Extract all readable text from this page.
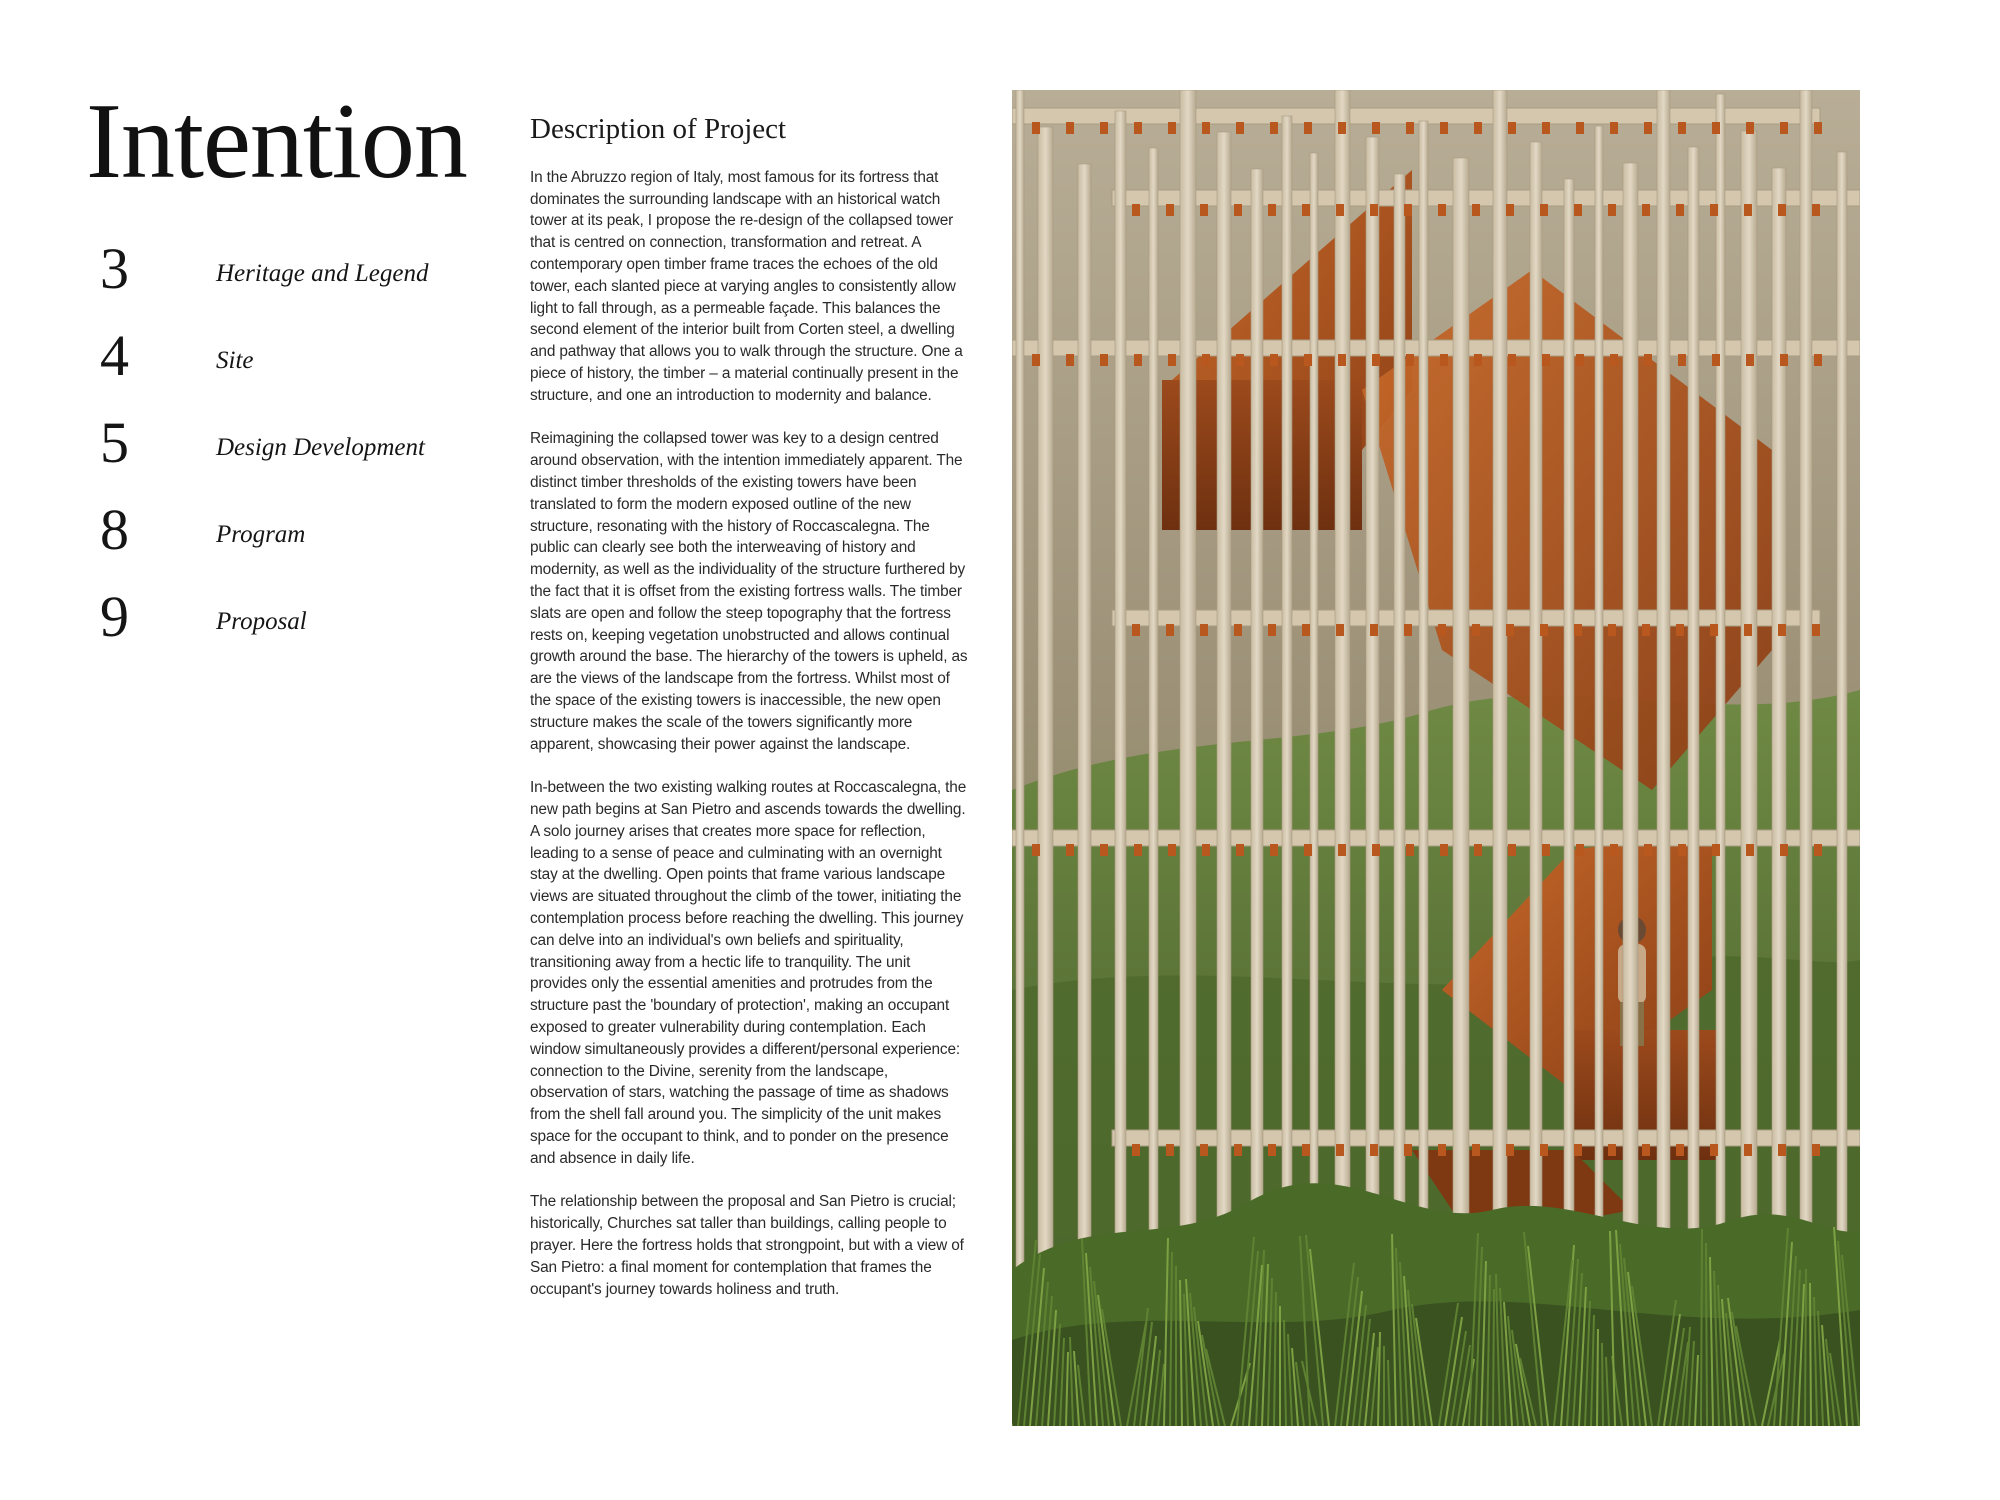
Intention
3	Heritage and Legend
4	Site
5	Design Development
8	Program
9	Proposal
Description of Project

In the Abruzzo region of Italy, most famous for its fortress that dominates the surrounding landscape with an historical watch tower at its peak, I propose the re-design of the collapsed tower that is centred on connection, transformation and retreat. A contemporary open timber frame traces the echoes of the old tower, each slanted piece at varying angles to consistently allow light to fall through, as a permeable façade. This balances the second element of the interior built from Corten steel, a dwelling and pathway that allows you to walk through the structure. One a piece of history, the timber – a material continually present in the structure, and one an introduction to modernity and balance.

Reimagining the collapsed tower was key to a design centred around observation, with the intention immediately apparent. The distinct timber thresholds of the existing towers have been translated to form the modern exposed outline of the new structure, resonating with the history of Roccascalegna. The public can clearly see both the interweaving of history and modernity, as well as the individuality of the structure furthered by the fact that it is offset from the existing fortress walls. The timber slats are open and follow the steep topography that the fortress rests on, keeping vegetation unobstructed and allows continual growth around the base. The hierarchy of the towers is upheld, as are the views of the landscape from the fortress. Whilst most of the space of the existing towers is inaccessible, the new open structure makes the scale of the towers significantly more apparent, showcasing their power against the landscape.

In-between the two existing walking routes at Roccascalegna, the new path begins at San Pietro and ascends towards the dwelling. A solo journey arises that creates more space for reflection, leading to a sense of peace and culminating with an overnight stay at the dwelling. Open points that frame various landscape views are situated throughout the climb of the tower, initiating the contemplation process before reaching the dwelling. This journey can delve into an individual's own beliefs and spirituality, transitioning away from a hectic life to tranquility. The unit provides only the essential amenities and protrudes from the structure past the 'boundary of protection', making an occupant exposed to greater vulnerability during contemplation. Each window simultaneously provides a different/personal experience: connection to the Divine, serenity from the landscape, observation of stars, watching the passage of time as shadows from the shell fall around you. The simplicity of the unit makes space for the occupant to think, and to ponder on the presence and absence in daily life.

The relationship between the proposal and San Pietro is crucial; historically, Churches sat taller than buildings, calling people to prayer. Here the fortress holds that strongpoint, but with a view of San Pietro: a final moment for contemplation that frames the occupant's journey towards holiness and truth.
